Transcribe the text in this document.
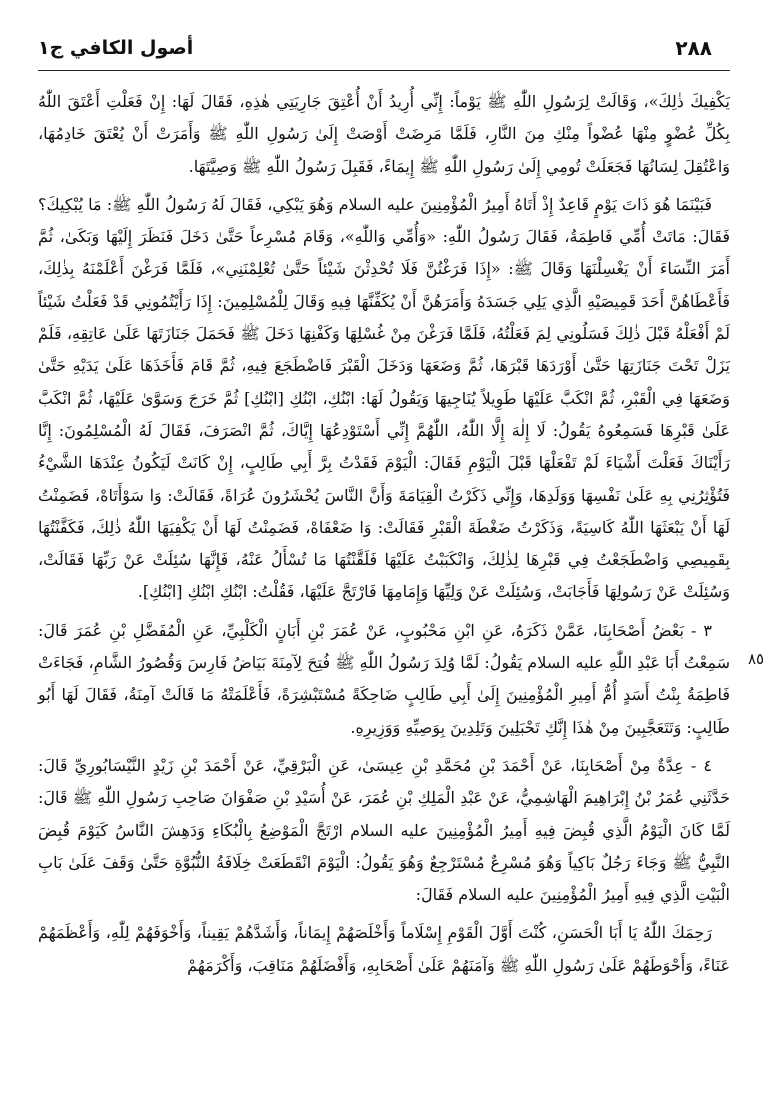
أصول الكافي ج١	٢٨٨
٨٥

يَكْفِيكَ ذٰلِكَ»، وَقَالَتْ لِرَسُولِ اللّٰهِ ﷺ يَوْماً: إِنِّي أُرِيدُ أَنْ أُعْتِقَ جَارِيَتِي هٰذِهِ، فَقَالَ لَهَا: إِنْ فَعَلْتِ أَعْتَقَ اللّٰهُ بِكُلِّ عُضْوٍ مِنْهَا عُضْواً مِنْكِ مِنَ النَّارِ، فَلَمَّا مَرِضَتْ أَوْصَتْ إِلَىٰ رَسُولِ اللّٰهِ ﷺ وَأَمَرَتْ أَنْ يُعْتَقَ خَادِمُهَا، وَاعْتُقِلَ لِسَانُهَا فَجَعَلَتْ تُومِي إِلَىٰ رَسُولِ اللّٰهِ ﷺ إِيمَاءً، فَقَبِلَ رَسُولُ اللّٰهِ ﷺ وَصِيَّتَهَا.

فَبَيْنَمَا هُوَ ذَاتَ يَوْمٍ قَاعِدٌ إِذْ أَتَاهُ أَمِيرُ الْمُؤْمِنِينَ عليه السلام وَهُوَ يَبْكِي، فَقَالَ لَهُ رَسُولُ اللّٰهِ ﷺ: مَا يُبْكِيكَ؟ فَقَالَ: مَاتَتْ أُمِّي فَاطِمَةُ، فَقَالَ رَسُولُ اللّٰهِ: «وَأُمِّي وَاللّٰهِ»، وَقَامَ مُسْرِعاً حَتَّىٰ دَخَلَ فَنَظَرَ إِلَيْهَا وَبَكَىٰ، ثُمَّ أَمَرَ النِّسَاءَ أَنْ يَغْسِلْنَهَا وَقَالَ ﷺ: «إِذَا فَرَغْتُنَّ فَلَا تُحْدِثْنَ شَيْئاً حَتَّىٰ تُعْلِمْنَنِي»، فَلَمَّا فَرَغْنَ أَعْلَمْنَهُ بِذٰلِكَ، فَأَعْطَاهُنَّ أَحَدَ قَمِيصَيْهِ الَّذِي يَلِي جَسَدَهُ وَأَمَرَهُنَّ أَنْ يُكَفِّنَّهَا فِيهِ وَقَالَ لِلْمُسْلِمِينَ: إِذَا رَأَيْتُمُونِي قَدْ فَعَلْتُ شَيْئاً لَمْ أَفْعَلْهُ قَبْلَ ذٰلِكَ فَسَلُونِي لِمَ فَعَلْتُهُ، فَلَمَّا فَرَغْنَ مِنْ غُسْلِهَا وَكَفْنِهَا دَخَلَ ﷺ فَحَمَلَ جَنَازَتَهَا عَلَىٰ عَاتِقِهِ، فَلَمْ يَزَلْ تَحْتَ جَنَازَتِهَا حَتَّىٰ أَوْرَدَهَا قَبْرَهَا، ثُمَّ وَضَعَهَا وَدَخَلَ الْقَبْرَ فَاضْطَجَعَ فِيهِ، ثُمَّ قَامَ فَأَخَذَهَا عَلَىٰ يَدَيْهِ حَتَّىٰ وَضَعَهَا فِي الْقَبْرِ، ثُمَّ انْكَبَّ عَلَيْهَا طَوِيلاً يُنَاجِيهَا وَيَقُولُ لَهَا: ابْنُكِ، ابْنُكِ [ابْنُكِ] ثُمَّ خَرَجَ وَسَوَّىٰ عَلَيْهَا، ثُمَّ انْكَبَّ عَلَىٰ قَبْرِهَا فَسَمِعُوهُ يَقُولُ: لَا إِلٰهَ إِلَّا اللّٰهُ، اللّٰهُمَّ إِنِّي أَسْتَوْدِعُهَا إِيَّاكَ، ثُمَّ انْصَرَفَ، فَقَالَ لَهُ الْمُسْلِمُونَ: إِنَّا رَأَيْنَاكَ فَعَلْتَ أَشْيَاءَ لَمْ تَفْعَلْهَا قَبْلَ الْيَوْمِ فَقَالَ: الْيَوْمَ فَقَدْتُ بِرَّ أَبِي طَالِبٍ، إِنْ كَانَتْ لَيَكُونُ عِنْدَهَا الشَّيْءُ فَتُؤْثِرُنِي بِهِ عَلَىٰ نَفْسِهَا وَوَلَدِهَا، وَإِنِّي ذَكَرْتُ الْقِيَامَةَ وَأَنَّ النَّاسَ يُحْشَرُونَ عُرَاةً، فَقَالَتْ: وَا سَوْأَتَاهْ، فَضَمِنْتُ لَهَا أَنْ يَبْعَثَهَا اللّٰهُ كَاسِيَةً، وَذَكَرْتُ ضَغْطَةَ الْقَبْرِ فَقَالَتْ: وَا ضَعْفَاهْ، فَضَمِنْتُ لَهَا أَنْ يَكْفِيَهَا اللّٰهُ ذٰلِكَ، فَكَفَّنْتُهَا بِقَمِيصِي وَاضْطَجَعْتُ فِي قَبْرِهَا لِذٰلِكَ، وَانْكَبَبْتُ عَلَيْهَا فَلَقَّنْتُهَا مَا تُسْأَلُ عَنْهُ، فَإِنَّهَا سُئِلَتْ عَنْ رَبِّهَا فَقَالَتْ، وَسُئِلَتْ عَنْ رَسُولِهَا فَأَجَابَتْ، وَسُئِلَتْ عَنْ وَلِيِّهَا وَإِمَامِهَا فَارْتَجَّ عَلَيْهَا، فَقُلْتُ: ابْنُكِ ابْنُكِ [ابْنُكِ].

٣ - بَعْضُ أَصْحَابِنَا، عَمَّنْ ذَكَرَهُ، عَنِ ابْنِ مَحْبُوبٍ، عَنْ عُمَرَ بْنِ أَبَانٍ الْكَلْبِيِّ، عَنِ الْمُفَضَّلِ بْنِ عُمَرَ قَالَ: سَمِعْتُ أَبَا عَبْدِ اللّٰهِ عليه السلام يَقُولُ: لَمَّا وُلِدَ رَسُولُ اللّٰهِ ﷺ فُتِحَ لِآمِنَةَ بَيَاضُ فَارِسَ وَقُصُورُ الشَّامِ، فَجَاءَتْ فَاطِمَةُ بِنْتُ أَسَدٍ أُمُّ أَمِيرِ الْمُؤْمِنِينَ إِلَىٰ أَبِي طَالِبٍ ضَاحِكَةً مُسْتَبْشِرَةً، فَأَعْلَمَتْهُ مَا قَالَتْ آمِنَةُ، فَقَالَ لَهَا أَبُو طَالِبٍ: وَتَتَعَجَّبِينَ مِنْ هٰذَا إِنَّكِ تَحْبَلِينَ وَتَلِدِينَ بِوَصِيِّهِ وَوَزِيرِهِ.

٤ - عِدَّةٌ مِنْ أَصْحَابِنَا، عَنْ أَحْمَدَ بْنِ مُحَمَّدِ بْنِ عِيسَىٰ، عَنِ الْبَرْقِيِّ، عَنْ أَحْمَدَ بْنِ زَيْدٍ النَّيْسَابُورِيِّ قَالَ: حَدَّثَنِي عُمَرُ بْنُ إِبْرَاهِيمَ الْهَاشِمِيُّ، عَنْ عَبْدِ الْمَلِكِ بْنِ عُمَرَ، عَنْ أُسَيْدِ بْنِ صَفْوَانَ صَاحِبِ رَسُولِ اللّٰهِ ﷺ قَالَ: لَمَّا كَانَ الْيَوْمُ الَّذِي قُبِضَ فِيهِ أَمِيرُ الْمُؤْمِنِينَ عليه السلام ارْتَجَّ الْمَوْضِعُ بِالْبُكَاءِ وَدَهِشَ النَّاسُ كَيَوْمَ قُبِضَ النَّبِيُّ ﷺ وَجَاءَ رَجُلٌ بَاكِياً وَهُوَ مُسْرِعٌ مُسْتَرْجِعٌ وَهُوَ يَقُولُ: الْيَوْمَ انْقَطَعَتْ خِلَافَةُ النُّبُوَّةِ حَتَّىٰ وَقَفَ عَلَىٰ بَابِ الْبَيْتِ الَّذِي فِيهِ أَمِيرُ الْمُؤْمِنِينَ عليه السلام فَقَالَ:

رَحِمَكَ اللّٰهُ يَا أَبَا الْحَسَنِ، كُنْتَ أَوَّلَ الْقَوْمِ إِسْلَاماً وَأَخْلَصَهُمْ إِيمَاناً، وَأَشَدَّهُمْ يَقِيناً، وَأَخْوَفَهُمْ لِلّٰهِ، وَأَعْظَمَهُمْ عَنَاءً، وَأَحْوَطَهُمْ عَلَىٰ رَسُولِ اللّٰهِ ﷺ وَآمَنَهُمْ عَلَىٰ أَصْحَابِهِ، وَأَفْضَلَهُمْ مَنَاقِبَ، وَأَكْرَمَهُمْ
